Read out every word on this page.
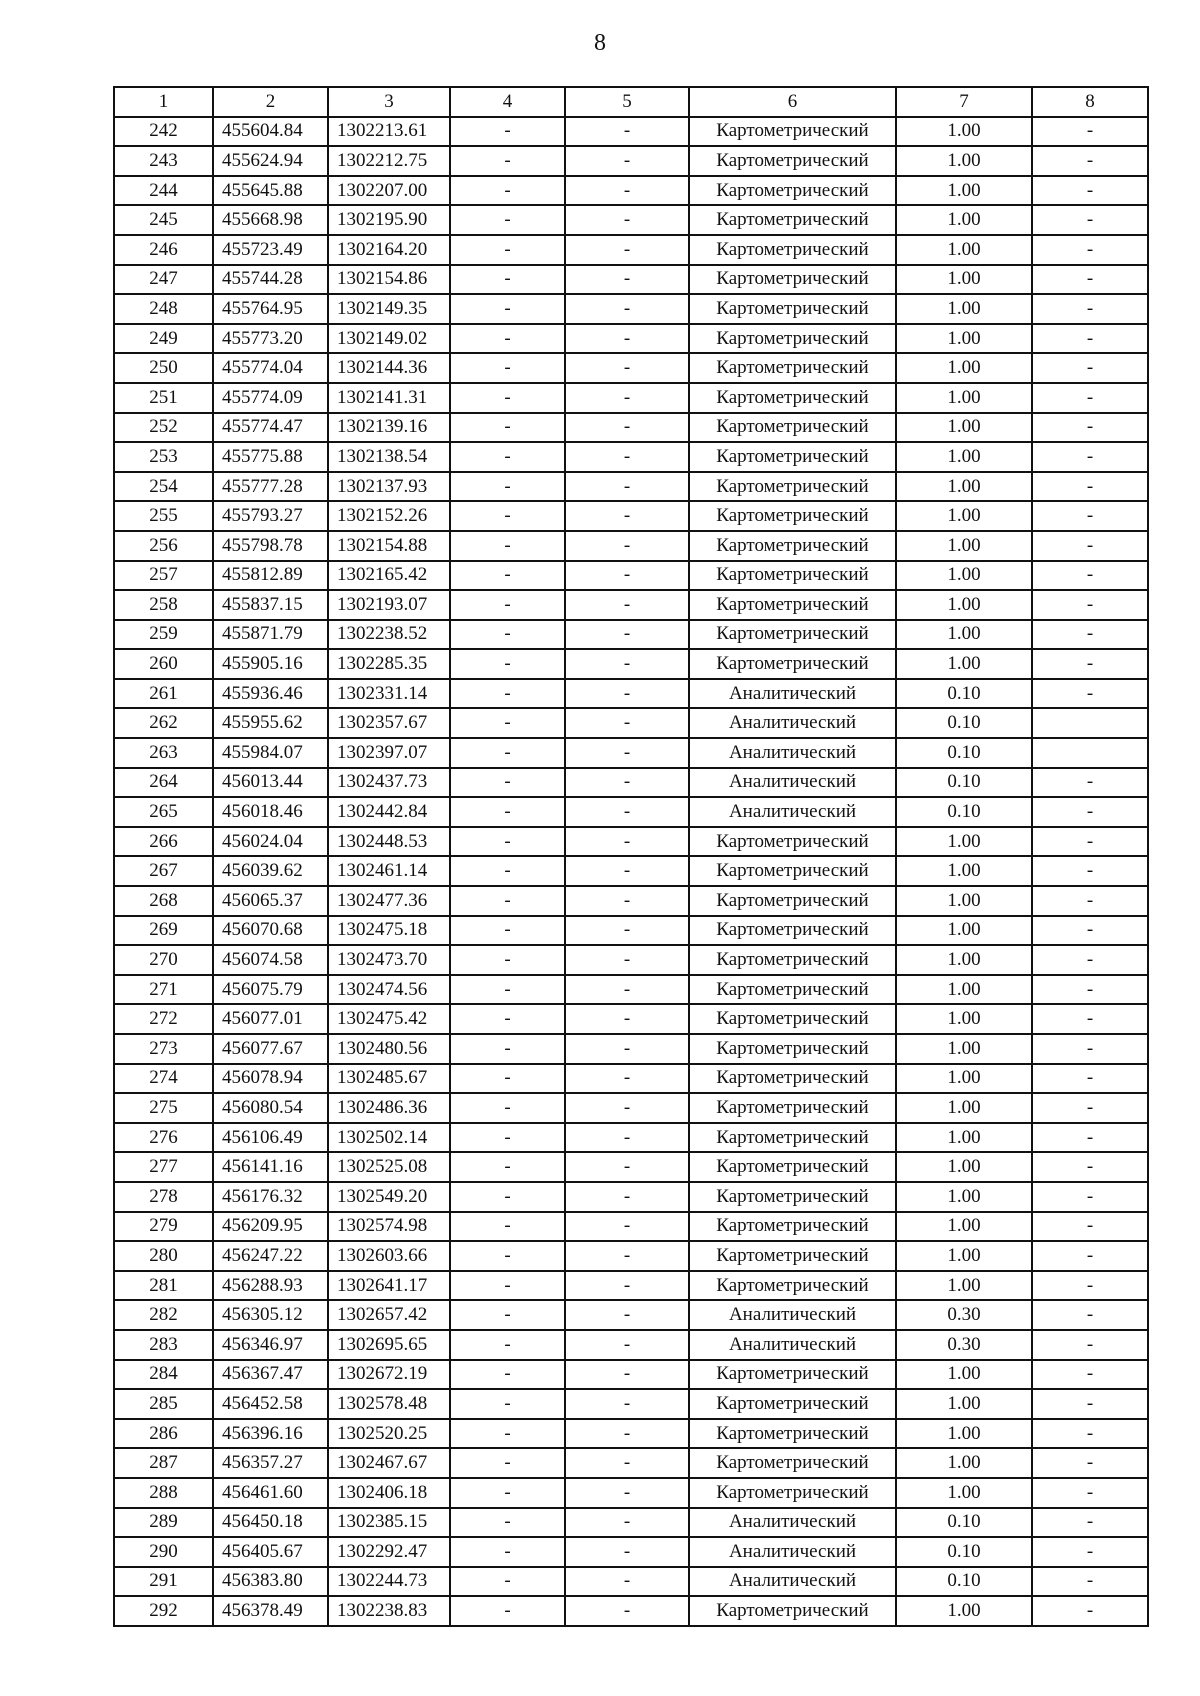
8
1	2	3	4	5	6	7	8
242	455604.84	1302213.61	-	-	Картометрический	1.00	-
243	455624.94	1302212.75	-	-	Картометрический	1.00	-
244	455645.88	1302207.00	-	-	Картометрический	1.00	-
245	455668.98	1302195.90	-	-	Картометрический	1.00	-
246	455723.49	1302164.20	-	-	Картометрический	1.00	-
247	455744.28	1302154.86	-	-	Картометрический	1.00	-
248	455764.95	1302149.35	-	-	Картометрический	1.00	-
249	455773.20	1302149.02	-	-	Картометрический	1.00	-
250	455774.04	1302144.36	-	-	Картометрический	1.00	-
251	455774.09	1302141.31	-	-	Картометрический	1.00	-
252	455774.47	1302139.16	-	-	Картометрический	1.00	-
253	455775.88	1302138.54	-	-	Картометрический	1.00	-
254	455777.28	1302137.93	-	-	Картометрический	1.00	-
255	455793.27	1302152.26	-	-	Картометрический	1.00	-
256	455798.78	1302154.88	-	-	Картометрический	1.00	-
257	455812.89	1302165.42	-	-	Картометрический	1.00	-
258	455837.15	1302193.07	-	-	Картометрический	1.00	-
259	455871.79	1302238.52	-	-	Картометрический	1.00	-
260	455905.16	1302285.35	-	-	Картометрический	1.00	-
261	455936.46	1302331.14	-	-	Аналитический	0.10	-
262	455955.62	1302357.67	-	-	Аналитический	0.10	
263	455984.07	1302397.07	-	-	Аналитический	0.10	
264	456013.44	1302437.73	-	-	Аналитический	0.10	-
265	456018.46	1302442.84	-	-	Аналитический	0.10	-
266	456024.04	1302448.53	-	-	Картометрический	1.00	-
267	456039.62	1302461.14	-	-	Картометрический	1.00	-
268	456065.37	1302477.36	-	-	Картометрический	1.00	-
269	456070.68	1302475.18	-	-	Картометрический	1.00	-
270	456074.58	1302473.70	-	-	Картометрический	1.00	-
271	456075.79	1302474.56	-	-	Картометрический	1.00	-
272	456077.01	1302475.42	-	-	Картометрический	1.00	-
273	456077.67	1302480.56	-	-	Картометрический	1.00	-
274	456078.94	1302485.67	-	-	Картометрический	1.00	-
275	456080.54	1302486.36	-	-	Картометрический	1.00	-
276	456106.49	1302502.14	-	-	Картометрический	1.00	-
277	456141.16	1302525.08	-	-	Картометрический	1.00	-
278	456176.32	1302549.20	-	-	Картометрический	1.00	-
279	456209.95	1302574.98	-	-	Картометрический	1.00	-
280	456247.22	1302603.66	-	-	Картометрический	1.00	-
281	456288.93	1302641.17	-	-	Картометрический	1.00	-
282	456305.12	1302657.42	-	-	Аналитический	0.30	-
283	456346.97	1302695.65	-	-	Аналитический	0.30	-
284	456367.47	1302672.19	-	-	Картометрический	1.00	-
285	456452.58	1302578.48	-	-	Картометрический	1.00	-
286	456396.16	1302520.25	-	-	Картометрический	1.00	-
287	456357.27	1302467.67	-	-	Картометрический	1.00	-
288	456461.60	1302406.18	-	-	Картометрический	1.00	-
289	456450.18	1302385.15	-	-	Аналитический	0.10	-
290	456405.67	1302292.47	-	-	Аналитический	0.10	-
291	456383.80	1302244.73	-	-	Аналитический	0.10	-
292	456378.49	1302238.83	-	-	Картометрический	1.00	-
